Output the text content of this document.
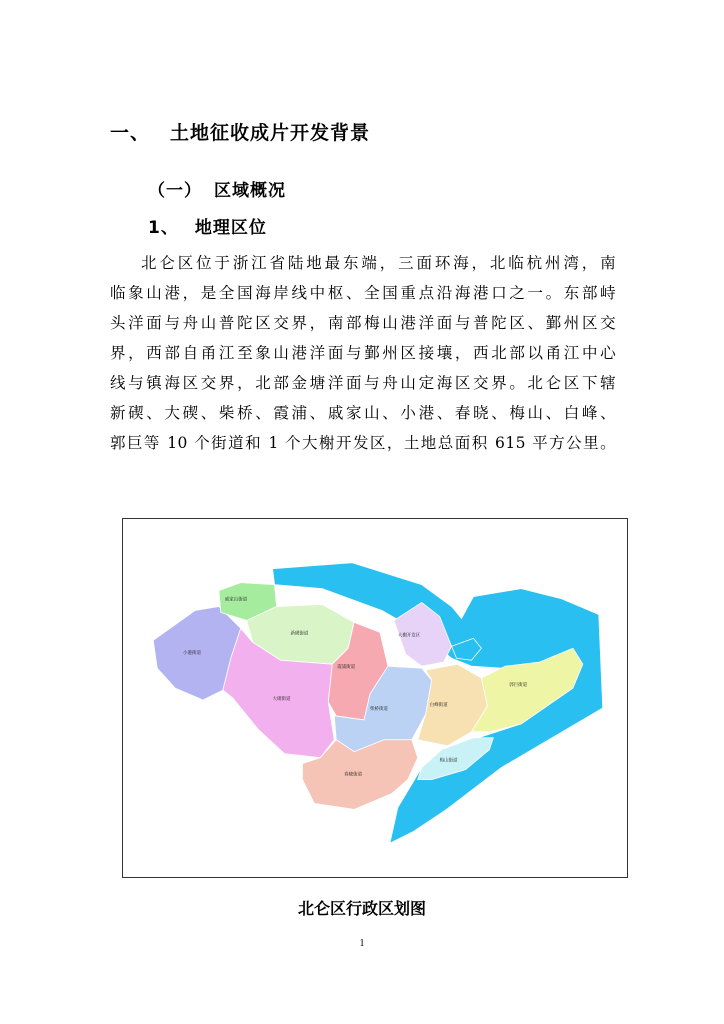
一、 土地征收成片开发背景
（一） 区域概况
1、 地理区位
北仑区位于浙江省陆地最东端，三面环海，北临杭州湾，南
临象山港，是全国海岸线中枢、全国重点沿海港口之一。东部峙
头洋面与舟山普陀区交界，南部梅山港洋面与普陀区、鄞州区交
界，西部自甬江至象山港洋面与鄞州区接壤，西北部以甬江中心
线与镇海区交界，北部金塘洋面与舟山定海区交界。北仑区下辖
新碶、大碶、柴桥、霞浦、戚家山、小港、春晓、梅山、白峰、
郭巨等 10 个街道和 1 个大榭开发区，土地总面积 615 平方公里。
小港街道
戚家山街道
新碶街道
大碶街道
霞浦街道
大榭开发区
柴桥街道
白峰街道
郭巨街道
春晓街道
梅山街道
北仑区行政区划图
1
